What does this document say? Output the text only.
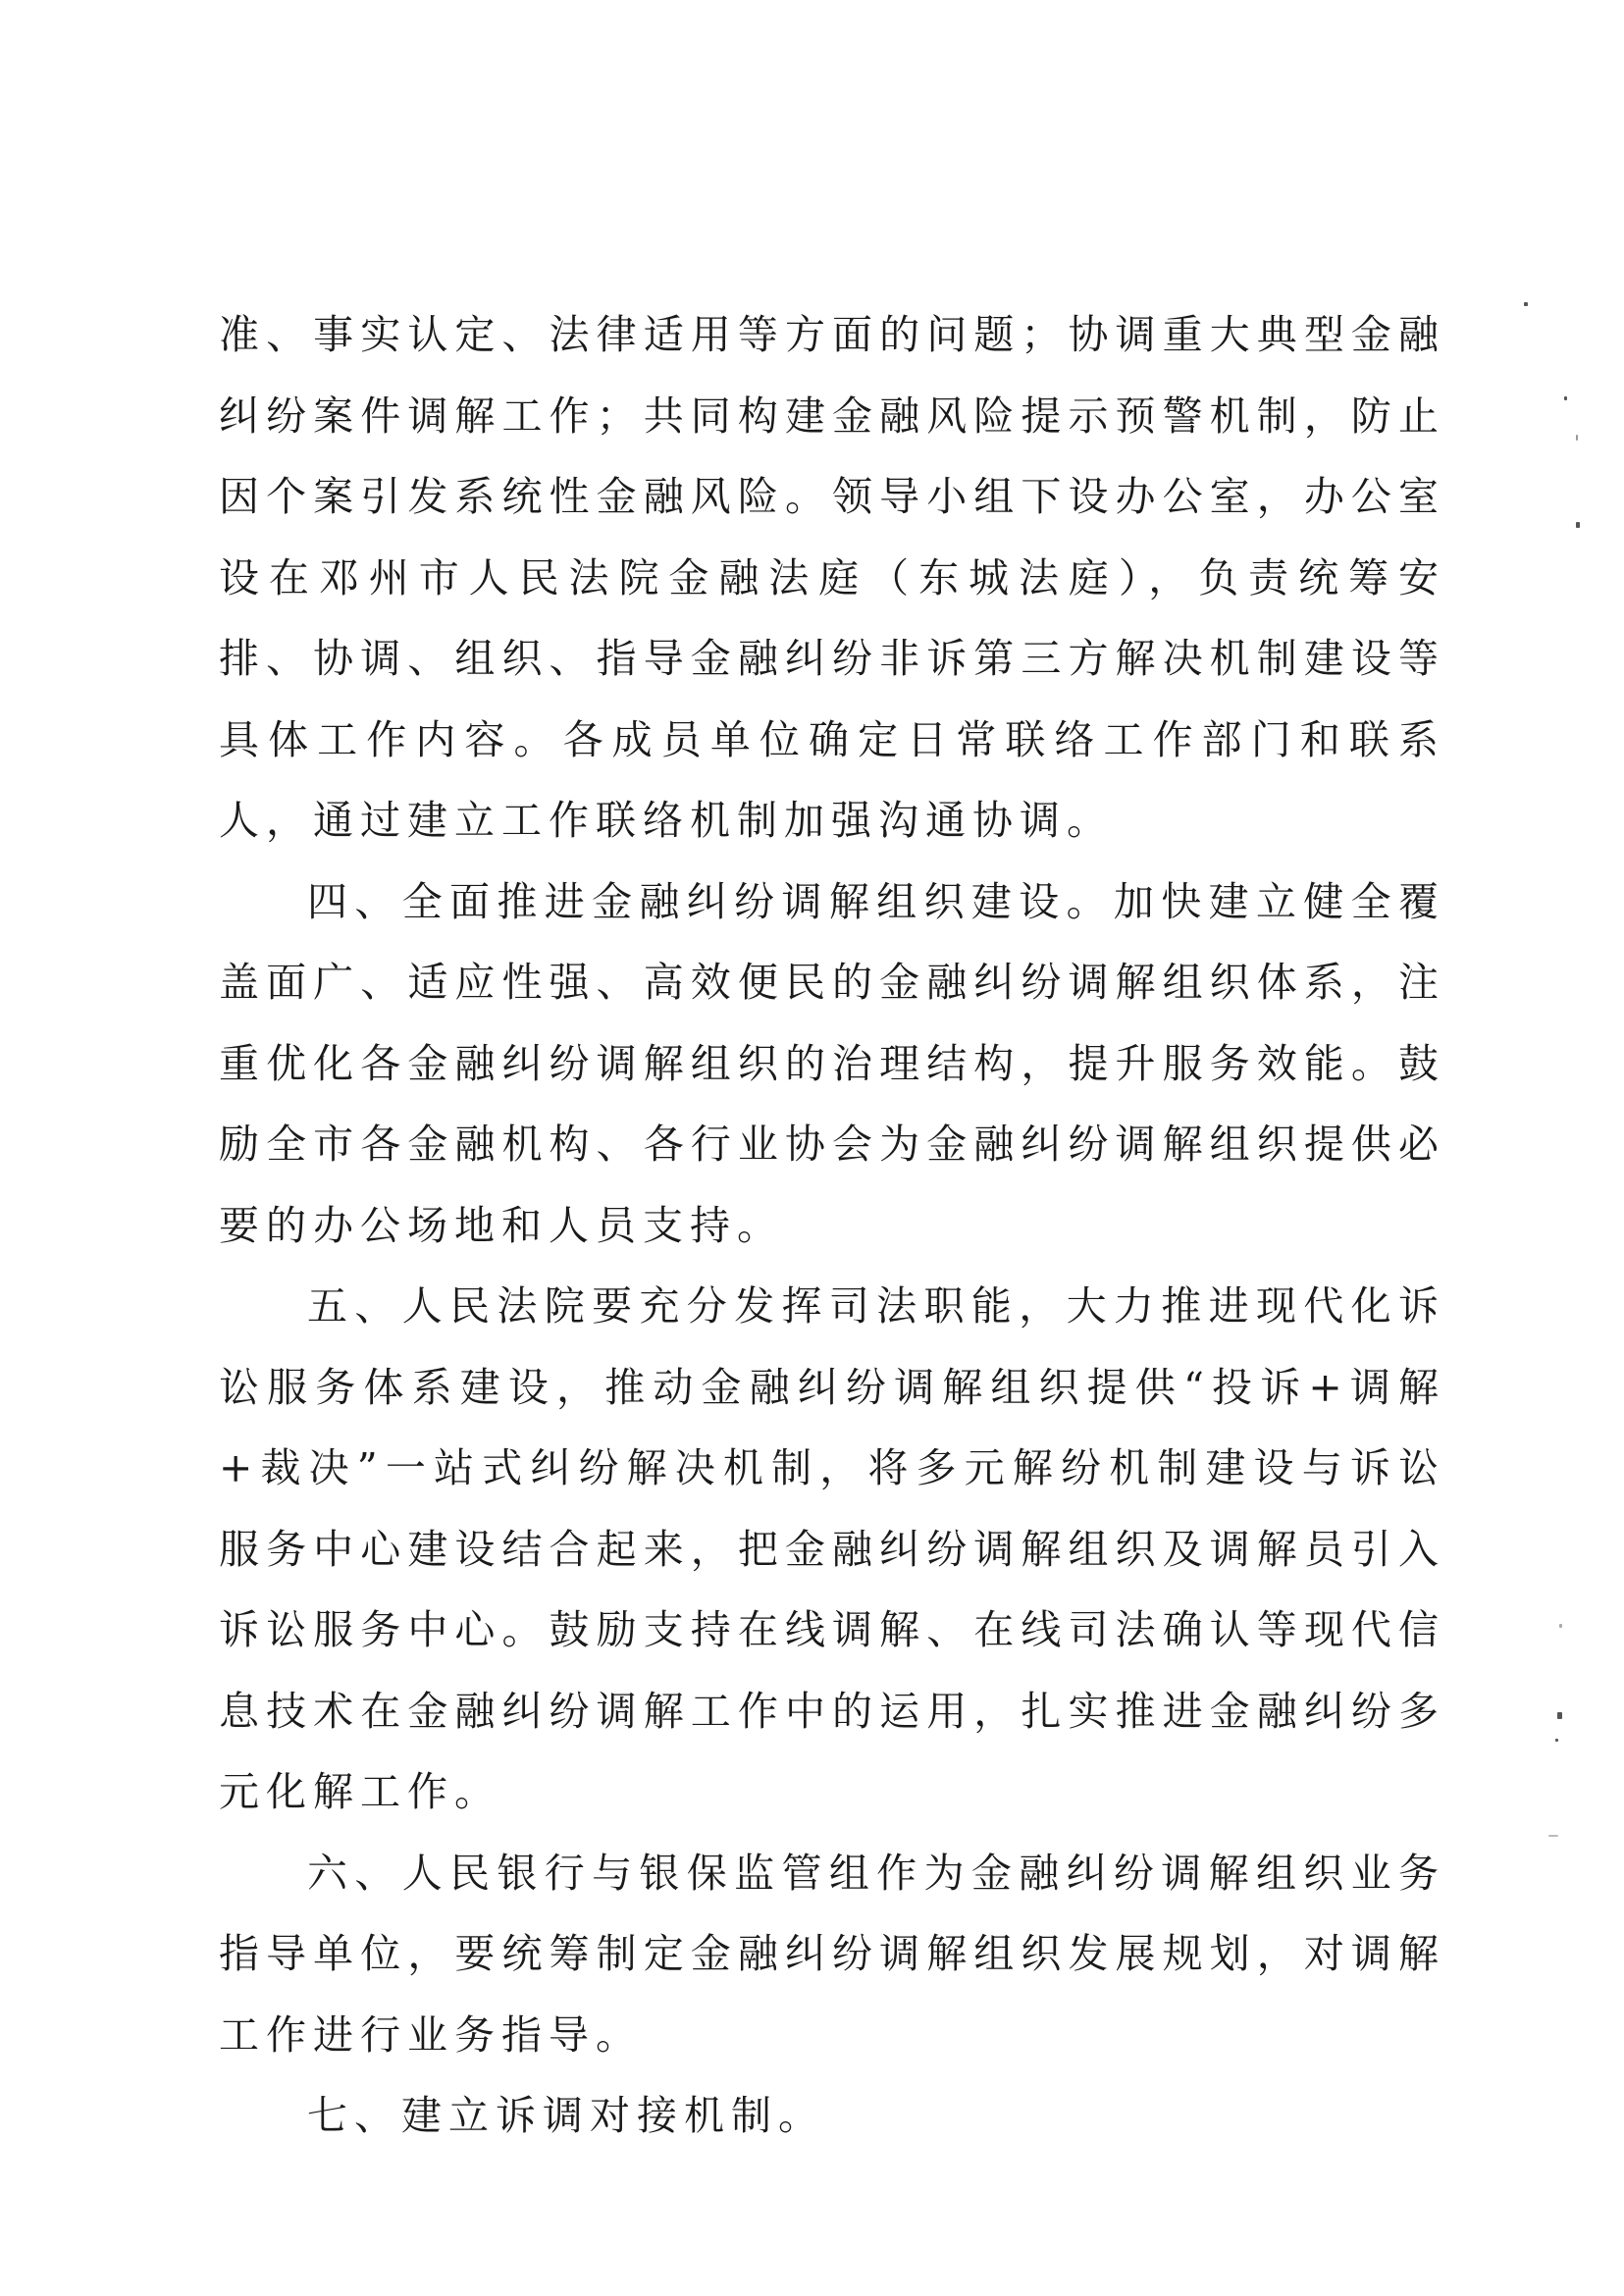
准、事实认定、法律适用等方面的问题；协调重大典型金融纠纷案件调解工作；共同构建金融风险提示预警机制，防止因个案引发系统性金融风险。领导小组下设办公室，办公室设在邓州市人民法院金融法庭（东城法庭），负责统筹安排、协调、组织、指导金融纠纷非诉第三方解决机制建设等具体工作内容。各成员单位确定日常联络工作部门和联系人，通过建立工作联络机制加强沟通协调。

四、全面推进金融纠纷调解组织建设。加快建立健全覆盖面广、适应性强、高效便民的金融纠纷调解组织体系，注重优化各金融纠纷调解组织的治理结构，提升服务效能。鼓励全市各金融机构、各行业协会为金融纠纷调解组织提供必要的办公场地和人员支持。

五、人民法院要充分发挥司法职能，大力推进现代化诉讼服务体系建设，推动金融纠纷调解组织提供“投诉+调解+裁决”一站式纠纷解决机制，将多元解纷机制建设与诉讼服务中心建设结合起来，把金融纠纷调解组织及调解员引入诉讼服务中心。鼓励支持在线调解、在线司法确认等现代信息技术在金融纠纷调解工作中的运用，扎实推进金融纠纷多元化解工作。

六、人民银行与银保监管组作为金融纠纷调解组织业务指导单位，要统筹制定金融纠纷调解组织发展规划，对调解工作进行业务指导。

七、建立诉调对接机制。
